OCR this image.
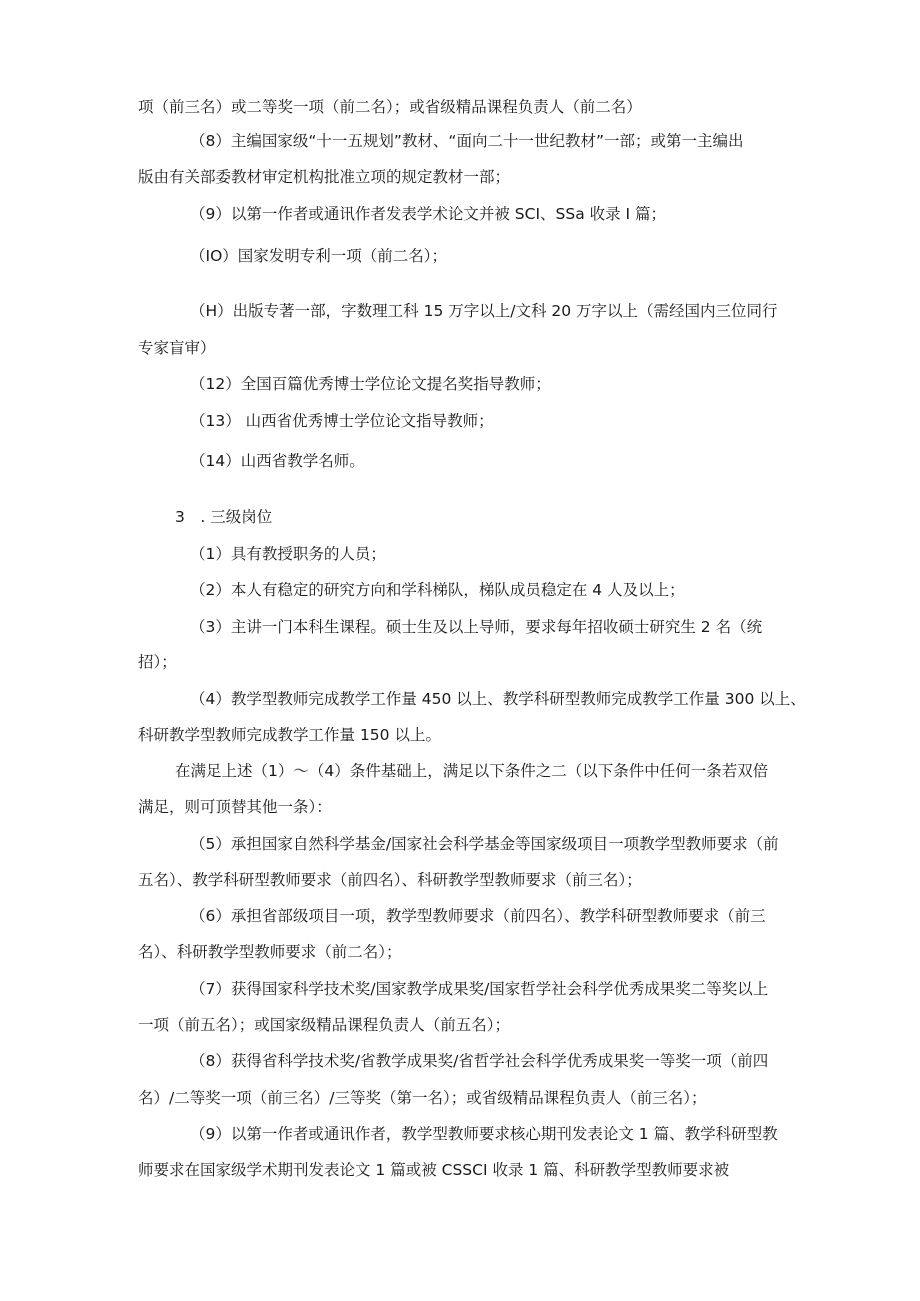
项（前三名）或二等奖一项（前二名）；或省级精品课程负责人（前二名）
（8）主编国家级“十一五规划”教材、“面向二十一世纪教材”一部；或第一主编出
版由有关部委教材审定机构批准立项的规定教材一部；
（9）以第一作者或通讯作者发表学术论文并被 SCI、SSa 收录 I 篇；
（IO）国家发明专利一项（前二名）；
（H）出版专著一部，字数理工科 15 万字以上/文科 20 万字以上（需经国内三位同行
专家盲审）
（12）全国百篇优秀博士学位论文提名奖指导教师；
（13） 山西省优秀博士学位论文指导教师；
（14）山西省教学名师。
3　. 三级岗位
（1）具有教授职务的人员；
（2）本人有稳定的研究方向和学科梯队，梯队成员稳定在 4 人及以上；
（3）主讲一门本科生课程。硕士生及以上导师，要求每年招收硕士研究生 2 名（统
招）；
（4）教学型教师完成教学工作量 450 以上、教学科研型教师完成教学工作量 300 以上、
科研教学型教师完成教学工作量 150 以上。
在满足上述（1）～（4）条件基础上，满足以下条件之二（以下条件中任何一条若双倍
满足，则可顶替其他一条）：
（5）承担国家自然科学基金/国家社会科学基金等国家级项目一项教学型教师要求（前
五名）、教学科研型教师要求（前四名）、科研教学型教师要求（前三名）；
（6）承担省部级项目一项，教学型教师要求（前四名）、教学科研型教师要求（前三
名）、科研教学型教师要求（前二名）；
（7）获得国家科学技术奖/国家教学成果奖/国家哲学社会科学优秀成果奖二等奖以上
一项（前五名）；或国家级精品课程负责人（前五名）；
（8）获得省科学技术奖/省教学成果奖/省哲学社会科学优秀成果奖一等奖一项（前四
名）/二等奖一项（前三名）/三等奖（第一名）；或省级精品课程负责人（前三名）；
（9）以第一作者或通讯作者，教学型教师要求核心期刊发表论文 1 篇、教学科研型教
师要求在国家级学术期刊发表论文 1 篇或被 CSSCI 收录 1 篇、科研教学型教师要求被
